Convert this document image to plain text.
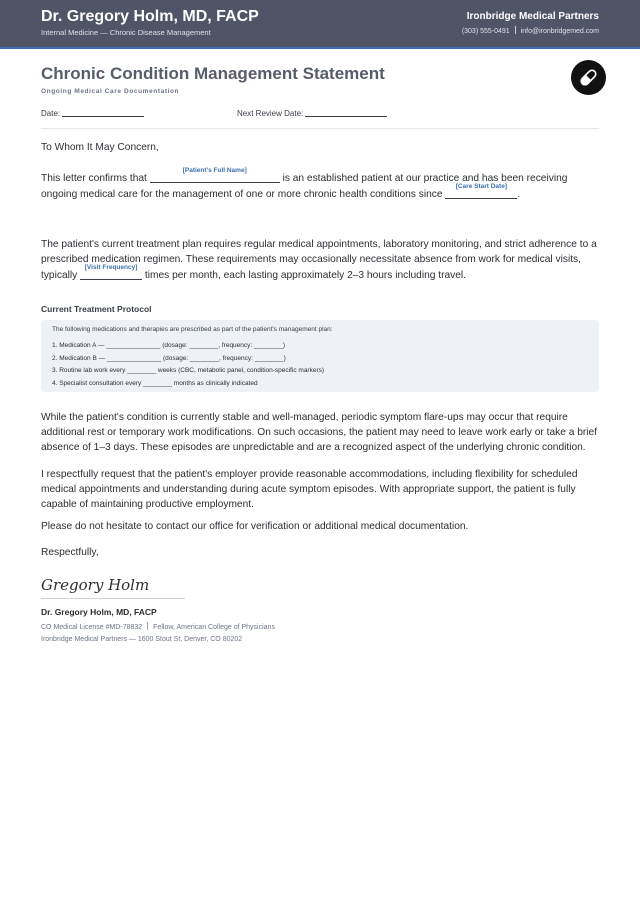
Dr. Gregory Holm, MD, FACP
Internal Medicine — Chronic Disease Management
Ironbridge Medical Partners
(303) 555-0491 info@ironbridgemed.com
Chronic Condition Management Statement
Ongoing Medical Care Documentation
Date:	Next Review Date:
To Whom It May Concern,
This letter confirms that
[Patient's Full Name]
is an established patient at our practice and has been receiving ongoing medical care for the management of one or more chronic health conditions since
[Care Start Date]
.
The patient's current treatment plan requires regular medical appointments, laboratory monitoring, and strict adherence to a prescribed medication regimen. These requirements may occasionally necessitate absence from work for medical visits, typically
[Visit Frequency]
times per month, each lasting approximately 2–3 hours including travel.
Current Treatment Protocol
The following medications and therapies are prescribed as part of the patient's management plan:
1. Medication A — _______________ (dosage: ________, frequency: ________)
2. Medication B — _______________ (dosage: ________, frequency: ________)
3. Routine lab work every ________ weeks (CBC, metabolic panel, condition-specific markers)
4. Specialist consultation every ________ months as clinically indicated
While the patient's condition is currently stable and well-managed, periodic symptom flare-ups may occur that require additional rest or temporary work modifications. On such occasions, the patient may need to leave work early or take a brief absence of 1–3 days. These episodes are unpredictable and are a recognized aspect of the underlying chronic condition.
I respectfully request that the patient's employer provide reasonable accommodations, including flexibility for scheduled medical appointments and understanding during acute symptom episodes. With appropriate support, the patient is fully capable of maintaining productive employment.
Please do not hesitate to contact our office for verification or additional medical documentation.
Respectfully,
Gregory Holm
Dr. Gregory Holm, MD, FACP
CO Medical License #MD-78832 Fellow, American College of Physicians
Ironbridge Medical Partners — 1600 Stout St, Denver, CO 80202
